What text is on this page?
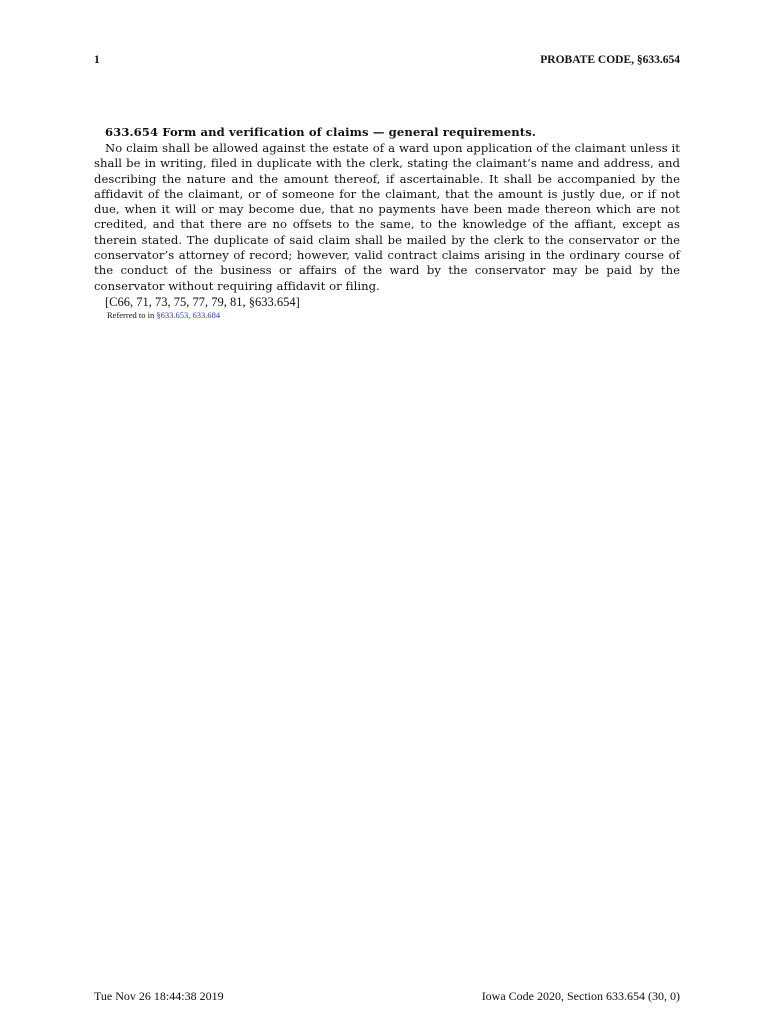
1	PROBATE CODE, §633.654

633.654 Form and verification of claims — general requirements.

No claim shall be allowed against the estate of a ward upon application of the claimant unless it shall be in writing, filed in duplicate with the clerk, stating the claimant’s name and address, and describing the nature and the amount thereof, if ascertainable. It shall be accompanied by the affidavit of the claimant, or of someone for the claimant, that the amount is justly due, or if not due, when it will or may become due, that no payments have been made thereon which are not credited, and that there are no offsets to the same, to the knowledge of the affiant, except as therein stated. The duplicate of said claim shall be mailed by the clerk to the conservator or the conservator’s attorney of record; however, valid contract claims arising in the ordinary course of the conduct of the business or affairs of the ward by the conservator may be paid by the conservator without requiring affidavit or filing.

[C66, 71, 73, 75, 77, 79, 81, §633.654]

Referred to in §633.653, 633.684

Tue Nov 26 18:44:38 2019	Iowa Code 2020, Section 633.654 (30, 0)
